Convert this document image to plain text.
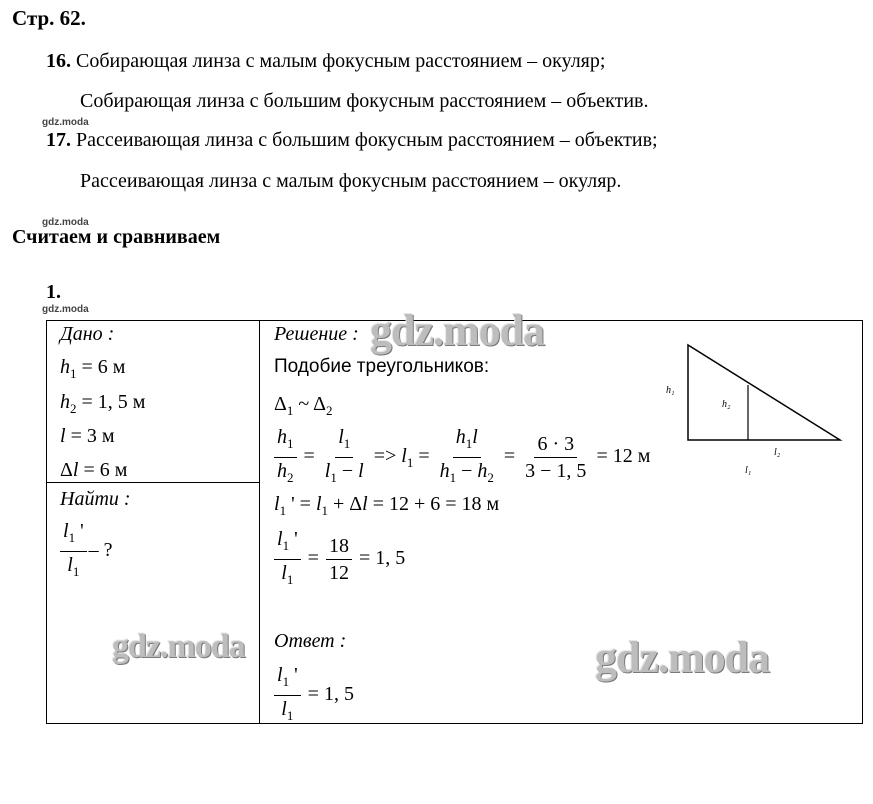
Стр. 62.
16. Собирающая линза с малым фокусным расстоянием – окуляр;
Собирающая линза с большим фокусным расстоянием – объектив.
gdz.moda
17. Рассеивающая линза с большим фокусным расстоянием – объектив;
Рассеивающая линза с малым фокусным расстоянием – окуляр.
gdz.moda
Считаем и сравниваем
1.
gdz.moda
Дано :
$h_1 = 6$ м
$h_2 = 1$, 5 м
l = 3 м
Δl = 6 м
Найти :
$\frac{l_1 '}{l_1}$ – ?
Решение :
Подобие треугольников:
$\Delta_1$ ~ $\Delta_2$
$\frac{h_1}{h_2} = \frac{l_1}{l_1 - l} => l_1 = \frac{h_1l}{h_1 - h_2} = \frac{6 \cdot 3}{3 - 1, 5} = 12$ м
$l_1$ ' = $l_1 + \Delta l = 12 + 6 = 18$ м
$\frac{l_1 '}{l_1} = \frac{18}{12} = 1$, 5
Ответ :
$\frac{l_1 '}{l_1} = 1$, 5
h₁
h₂
l₂
l₁
gdz.moda
gdz.moda	gdz.moda
